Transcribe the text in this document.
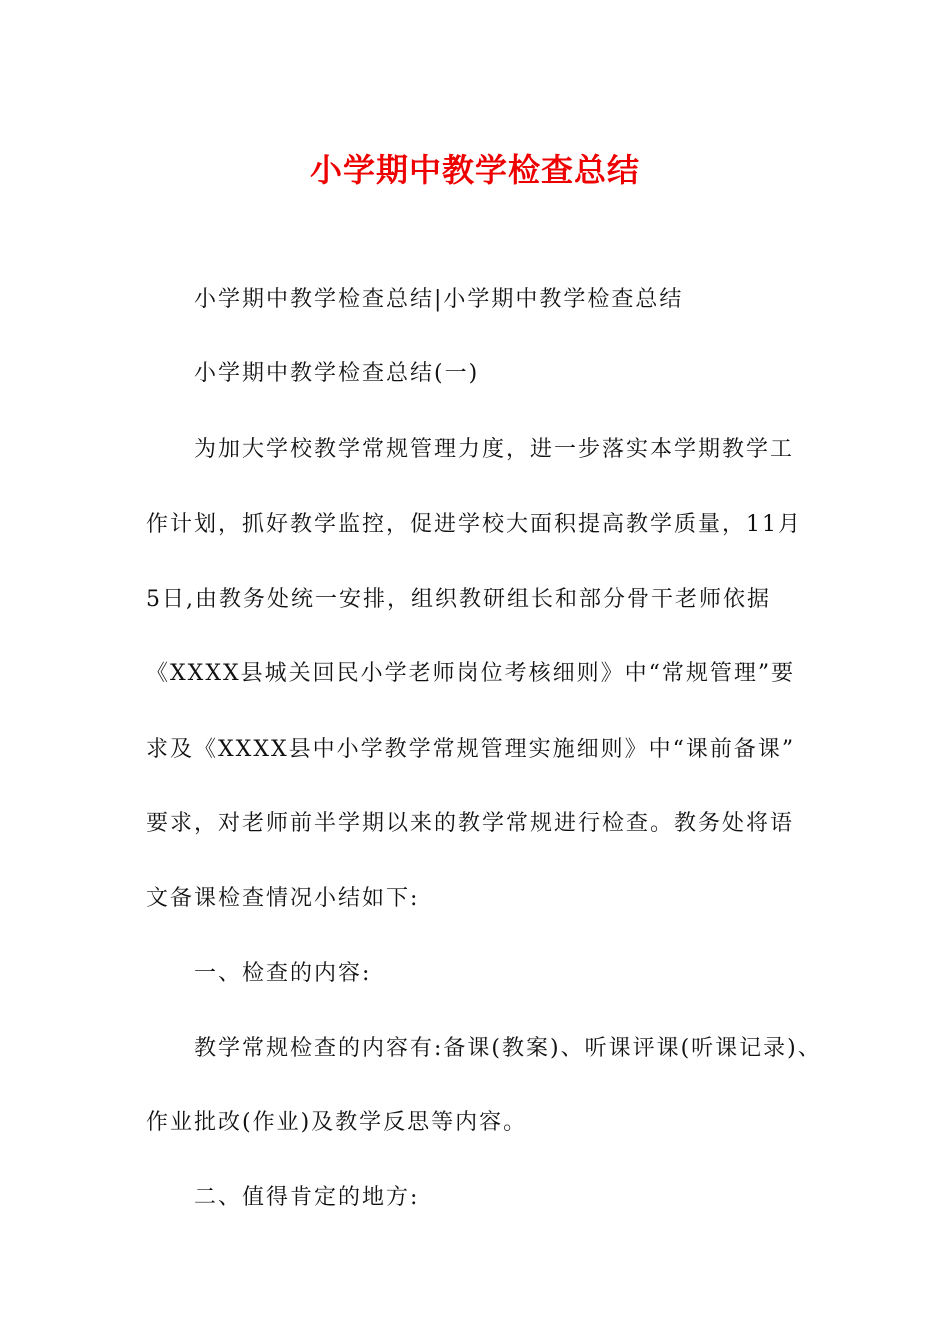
小学期中教学检查总结
小学期中教学检查总结|小学期中教学检查总结
小学期中教学检查总结(一)
为加大学校教学常规管理力度，进一步落实本学期教学工
作计划，抓好教学监控，促进学校大面积提高教学质量，11月
5日,由教务处统一安排，组织教研组长和部分骨干老师依据
《XXXX县城关回民小学老师岗位考核细则》中“常规管理”要
求及《XXXX县中小学教学常规管理实施细则》中“课前备课”
要求，对老师前半学期以来的教学常规进行检查。教务处将语
文备课检查情况小结如下:
一、检查的内容:
教学常规检查的内容有:备课(教案)、听课评课(听课记录)、
作业批改(作业)及教学反思等内容。
二、值得肯定的地方:
